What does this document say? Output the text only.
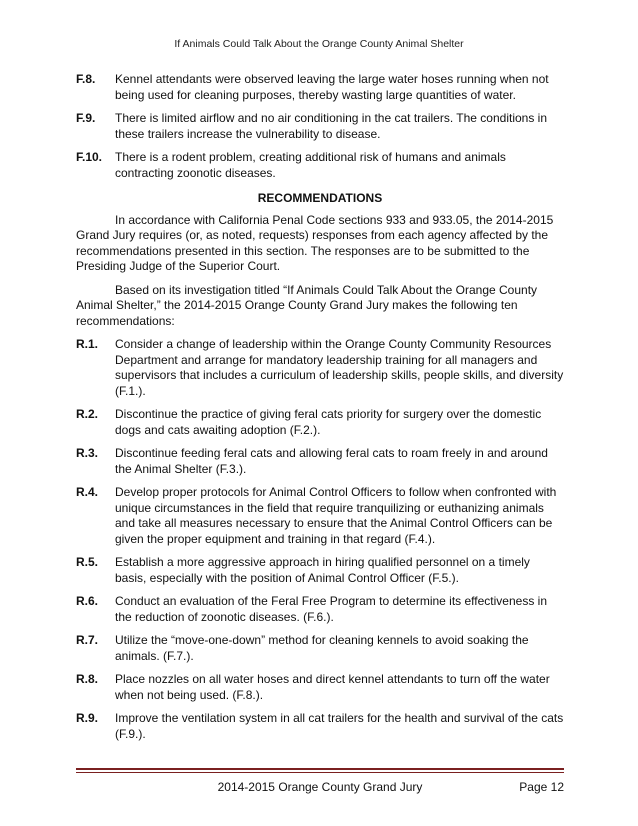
If Animals Could Talk About the Orange County Animal Shelter
F.8.	Kennel attendants were observed leaving the large water hoses running when not being used for cleaning purposes, thereby wasting large quantities of water.
F.9.	There is limited airflow and no air conditioning in the cat trailers. The conditions in these trailers increase the vulnerability to disease.
F.10.	There is a rodent problem, creating additional risk of humans and animals contracting zoonotic diseases.
RECOMMENDATIONS

In accordance with California Penal Code sections 933 and 933.05, the 2014-2015 Grand Jury requires (or, as noted, requests) responses from each agency affected by the recommendations presented in this section. The responses are to be submitted to the Presiding Judge of the Superior Court.

Based on its investigation titled “If Animals Could Talk About the Orange County Animal Shelter,” the 2014-2015 Orange County Grand Jury makes the following ten recommendations:

R.1.	Consider a change of leadership within the Orange County Community Resources Department and arrange for mandatory leadership training for all managers and supervisors that includes a curriculum of leadership skills, people skills, and diversity (F.1.).
R.2.	Discontinue the practice of giving feral cats priority for surgery over the domestic dogs and cats awaiting adoption (F.2.).
R.3.	Discontinue feeding feral cats and allowing feral cats to roam freely in and around the Animal Shelter (F.3.).
R.4.	Develop proper protocols for Animal Control Officers to follow when confronted with unique circumstances in the field that require tranquilizing or euthanizing animals and take all measures necessary to ensure that the Animal Control Officers can be given the proper equipment and training in that regard (F.4.).
R.5.	Establish a more aggressive approach in hiring qualified personnel on a timely basis, especially with the position of Animal Control Officer (F.5.).
R.6.	Conduct an evaluation of the Feral Free Program to determine its effectiveness in the reduction of zoonotic diseases. (F.6.).
R.7.	Utilize the “move-one-down” method for cleaning kennels to avoid soaking the animals. (F.7.).
R.8.	Place nozzles on all water hoses and direct kennel attendants to turn off the water when not being used. (F.8.).
R.9.	Improve the ventilation system in all cat trailers for the health and survival of the cats (F.9.).
2014-2015 Orange County Grand Jury	Page 12
